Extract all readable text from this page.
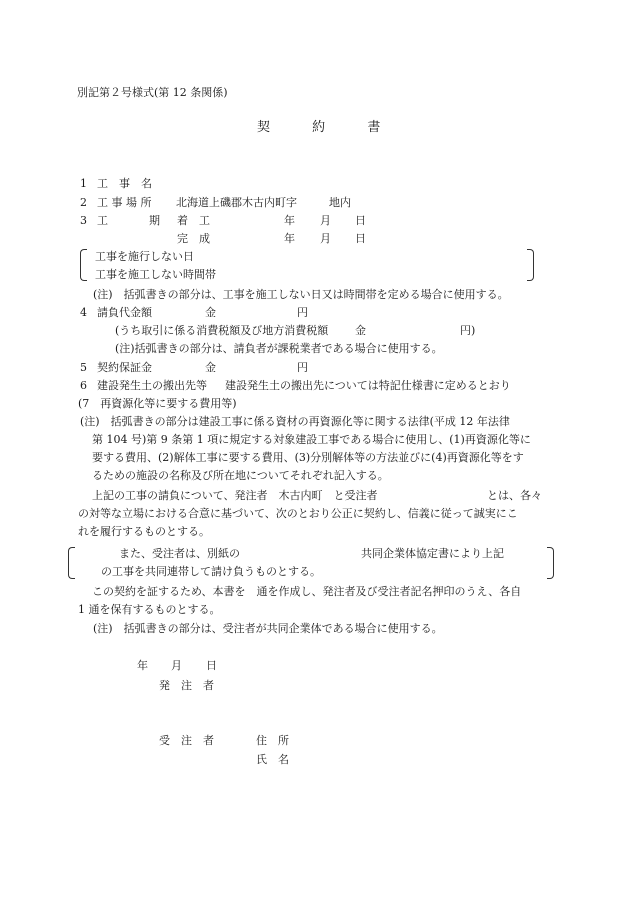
別記第２号様式(第 12 条関係)
契	約	書
1 工　事　名
2 工 事 場 所 北海道上磯郡木古内町字	地内
3 工	期 着　工	年 月 日
完　成	年 月 日
工事を施行しない日
工事を施工しない時間帯
(注)　括弧書きの部分は、工事を施工しない日又は時間帯を定める場合に使用する。
4 請負代金額	金	円
(うち取引に係る消費税額及び地方消費税額 金	円)
(注)括弧書きの部分は、請負者が課税業者である場合に使用する。
5 契約保証金	金	円
6 建設発生土の搬出先等 建設発生土の搬出先については特記仕様書に定めるとおり
(7　再資源化等に要する費用等)
(注)　括弧書きの部分は建設工事に係る資材の再資源化等に関する法律(平成 12 年法律
第 104 号)第 9 条第 1 項に規定する対象建設工事である場合に使用し、(1)再資源化等に
要する費用、(2)解体工事に要する費用、(3)分別解体等の方法並びに(4)再資源化等をす
るための施設の名称及び所在地についてそれぞれ記入する。
上記の工事の請負について、発注者　木古内町　と受注者	とは、各々
の対等な立場における合意に基づいて、次のとおり公正に契約し、信義に従って誠実にこ
れを履行するものとする。
また、受注者は、別紙の	共同企業体協定書により上記
の工事を共同連帯して請け負うものとする。
この契約を証するため、本書を　通を作成し、発注者及び受注者記名押印のうえ、各自
1 通を保有するものとする。
(注)　括弧書きの部分は、受注者が共同企業体である場合に使用する。
年 月 日
発　注　者
受　注　者	住　所
氏　名
